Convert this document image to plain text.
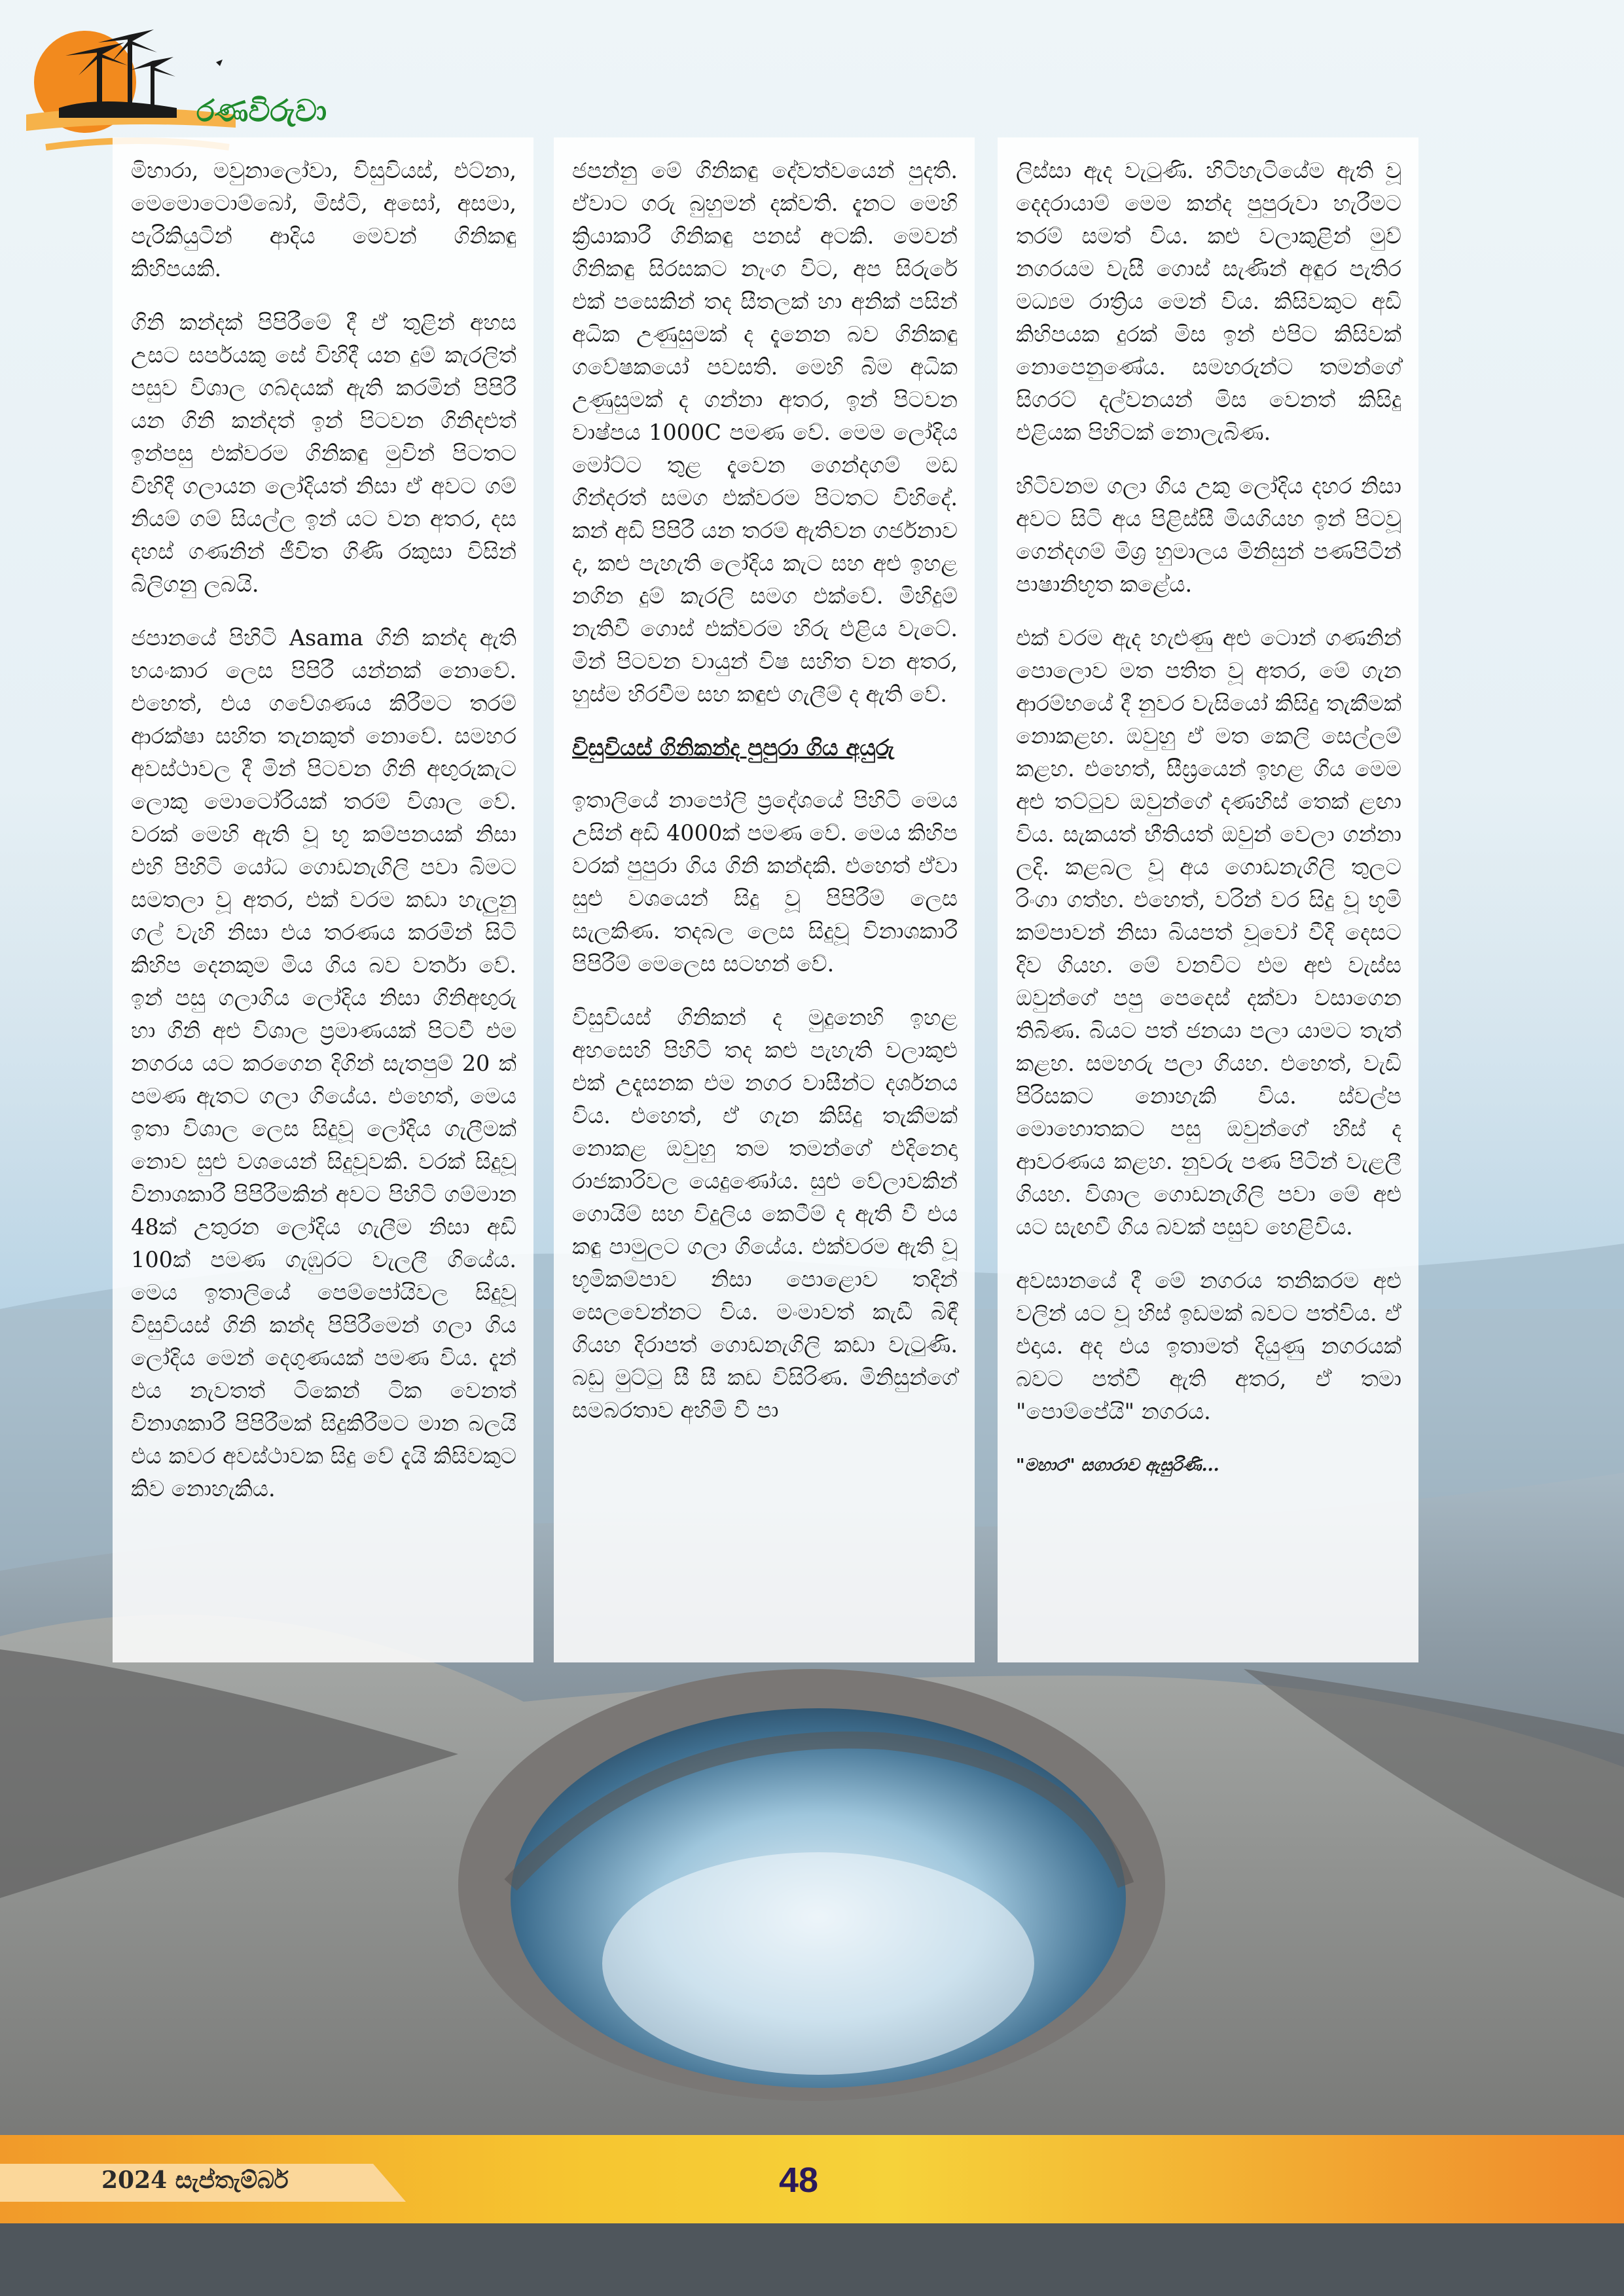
රණවිරුවා

මිහාරා, මවුනාලෝවා, විසුවියස්, එට්නා, මෙමොටොම්බෝ, මිස්ටි, අසෝ, අසමා, පැරිකියුටින් ආදිය මෙවන් ගිනිකඳු කිහිපයකි.

ගිනි කන්දක් පිපිරීමේ දී ඒ තුළින් අහස උසට සර්පයකු සේ විහිදී යන දුම් කැරලිත් පසුව විශාල ගබ්දයක් ඇති කරමින් පිපිරී යන ගිනි කන්දත් ඉන් පිටවන ගිනිදළුත් ඉන්පසු එක්වරම ගිනිකඳු මුවින් පිටතට විහිදී ගලායන ලෝදියත් නිසා ඒ අවට ගම් නියම් ගම් සියල්ල ඉන් යට වන අතර, දස දහස් ගණනින් ජීවිත ගිණි රකුසා විසින් බිලිගනු ලබයි.

ජපානයේ පිහිටි Asama ගිනි කන්ද ඇති භයංකාර ලෙස පිපිරී යන්නක් නොවේ. එහෙත්, එය ගවේශණය කිරීමට තරම් ආරක්ෂා සහිත තැනකුත් නොවේ. සමහර අවස්ථාවල දී මින් පිටවන ගිනි අඟුරුකැට ලොකු මොටෝරියක් තරම් විශාල වේ. වරක් මෙහි ඇති වූ භූ කම්පනයක් නිසා එහි පිහිටි යෝධ ගොඩනැගිලි පවා බිමට සමතලා වූ අතර, එක් වරම කඩා හැලුනු ගල් වැහි නිසා එය තරණය කරමින් සිටි කිහිප දෙනකුම මිය ගිය බව වර්තා වේ. ඉන් පසු ගලාගිය ලෝදිය නිසා ගිනිඅඟුරු හා ගිනි අළු විශාල ප්‍රමාණයක් පිටවී එම නගරය යට කරගෙන දිගින් සැතපුම් 20 ක් පමණ ඇතට ගලා ගියේය. එහෙත්, මෙය ඉතා විශාල ලෙස සිදුවූ ලෝදිය ගැලීමක් නොව සුළු වශයෙන් සිදුවූවකි. වරක් සිදුවූ විනාශකාරී පිපිරීමකින් අවට පිහිටි ගම්මාන 48ක් උතුරන ලෝදිය ගැලීම නිසා අඩි 100ක් පමණ ගැඹුරට වැලලී ගියේය. මෙය ඉතාලියේ පෙම්පෝයිවල සිදුවූ විසුවියස් ගිනි කන්ද පිපිරීමෙන් ගලා ගිය ලෝදිය මෙන් දෙගුණයක් පමණ විය. දැන් එය නැවතත් ටිකෙන් ටික වෙනත් විනාශකාරී පිපිරීමක් සිදුකිරීමට මාන බලයි එය කවර අවස්ථාවක සිදු වේ දැයි කිසිවකුට කිව නොහැකිය.

ජපන්නු මේ ගිනිකඳු දේවත්වයෙන් පුදති. ඒවාට ගරු බුහුමන් දක්වති. දැනට මෙහි ක්‍රියාකාරී ගිනිකඳු පනස් අටකි. මෙවන් ගිනිකඳු සිරසකට නැංග විට, අප සිරුරේ එක් පසෙකින් තද සීතලක් හා අනික් පසින් අධික උණුසුමක් ද දැනෙන බව ගිනිකඳු ගවේෂකයෝ පවසති. මෙහි බිම අධික උණුසුමක් ද ගන්නා අතර, ඉන් පිටවන වාෂ්පය 1000C පමණ වේ. මෙම ලෝදිය මෝට්ට තුළ දැවෙන ගෙන්දගම් මඩ ගින්දරත් සමග එක්වරම පිටතට විහිදේ. කන් අඩි පිපිරී යන තරම් ඇතිවන ගර්ජනාව ද, කළු පැහැති ලෝදිය කැට සහ අළු ඉහළ නගින දුම් කැරලි සමග එක්වේ. මිහිදුම් නැතිවී ගොස් එක්වරම හිරු එළිය වැටේ. මින් පිටවන වායුන් විෂ සහිත වන අතර, හුස්ම හිරවීම සහ කඳුළු ගැලීම් ද ඇති වේ.

විසුවියස් ගිනිකන්ද පුපුරා ගිය අයුරු

ඉතාලියේ නාපෝලි ප්‍රදේශයේ පිහිටි මෙය උසින් අඩි 4000ක් පමණ වේ. මෙය කිහිප වරක් පුපුරා ගිය ගිනි කන්දකි. එහෙත් ඒවා සුළු වශයෙන් සිදු වූ පිපිරීම් ලෙස සැලකිණ. තදබල ලෙස සිදුවූ විනාශකාරී පිපිරීම් මෙලෙස සටහන් වේ.

විසුවියස් ගිනිකන් ද මුදුනෙහි ඉහළ අහසෙහි පිහිටි තද කළු පැහැති වලාකුළු එක් උදෑසනක එම නගර වාසීන්ට දර්ශනය විය. එහෙත්, ඒ ගැන කිසිදු තැකීමක් නොකළ ඔවුහු තම තමන්ගේ එදිනෙදා රාජකාරිවල යෙදුණෝය. සුළු වේලාවකින් ගොයිම් සහ විදුලිය කෙටීම් ද ඇති වී එය කඳු පාමුලට ගලා ගියේය. එක්වරම ඇති වූ භූමිකම්පාව නිසා පොළොව තදින් සෙලවෙන්නට විය. මංමාවත් කැඩී බිඳී ගියහ දිරාපත් ගොඩනැගිලි කඩා වැටුණි. බඩු මුට්ටු සී සී කඩ විසිරිණ. මිනිසුන්ගේ සමබරතාව අහිමි වී පා

ලිස්සා ඇද වැටුණි. හිටිහැටියේම ඇති වූ දෙදරායාම් මෙම කන්ද පුපුරුවා හැරීමට තරම් සමත් විය. කළු වලාකුළින් මුව් නගරයම වැසී ගොස් සැණින් අඳුර පැතිර මධ්‍යම රාත්‍රිය මෙන් විය. කිසිවකුට අඩි කිහිපයක දුරක් මිස ඉන් එපිට කිසිවක් නොපෙනුණේය. සමහරුන්ට තමන්ගේ සිගරට් දල්වනයන් මිස වෙනත් කිසිදු එළියක පිහිටක් නොලැබිණ.

හිටිවනම ගලා ගිය උකු ලෝදිය දහර නිසා අවට සිටි අය පිළිස්සී මියගියහ ඉන් පිටවූ ගෙන්දගම් මිශ්‍ර හුමාලය මිනිසුන් පණපිටින් පාෂානිභූත කළේය.

එක් වරම ඇද හැළුණු අළු ටොන් ගණනින් පොලොව මත පතිත වූ අතර, මේ ගැන ආරම්භයේ දී නුවර වැසියෝ කිසිදු තැකීමක් නොකළහ. ඔවුහු ඒ මත කෙලි සෙල්ලම් කළහ. එහෙත්, සීඝ්‍රයෙන් ඉහළ ගිය මෙම අළු තට්ටුව ඔවුන්ගේ දණහිස් තෙක් ළඟා විය. සැකයත් භීතියත් ඔවුන් වෙලා ගන්නා ලදි. කළබල වූ අය ගොඩනැගිලි තුලට රිංගා ගත්හ. එහෙත්, වරින් වර සිදු වූ භූමි කම්පාවන් නිසා බියපත් වූවෝ වීදි දෙසට දිව ගියහ. මේ වනවිට එම අළු වැස්ස ඔවුන්ගේ පපු පෙදෙස් දක්වා වසාගෙන තිබිණ. බියට පත් ජනයා පලා යාමට තැත් කළහ. සමහරු පලා ගියහ. එහෙත්, වැඩි පිරිසකට නොහැකි විය. ස්වල්ප මොහොතකට පසු ඔවුන්ගේ හිස් ද ආවරණය කළහ. නුවරු පණ පිටින් වැළලී ගියහ. විශාල ගොඩනැගිලි පවා මේ අළු යට සැඟවී ගිය බවක් පසුව හෙළිවිය.

අවසානයේ දී මේ නගරය තනිකරම අළු වලින් යට වූ හිස් ඉඩමක් බවට පත්විය. ඒ එදාය. අද එය ඉතාමත් දියුණු නගරයක් බවට පත්වී ඇති අතර, ඒ තමා "පොම්පේයි" නගරය.

"මහාර" සගාරාව ඇසුරිණි...

2024 සැප්තැම්බර්	48
